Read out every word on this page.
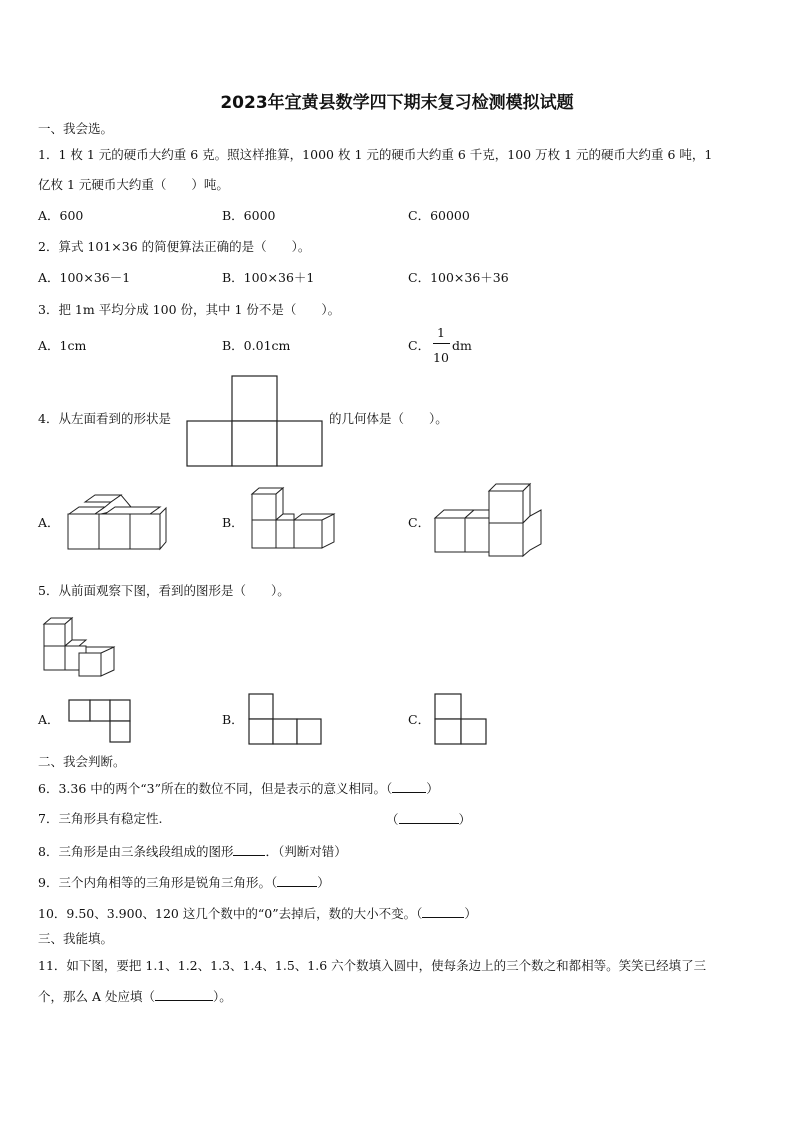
2023年宜黄县数学四下期末复习检测模拟试题
一、我会选。
1．1 枚 1 元的硬币大约重 6 克。照这样推算，1000 枚 1 元的硬币大约重 6 千克，100 万枚 1 元的硬币大约重 6 吨，1
亿枚 1 元硬币大约重（　　）吨。
A．600	B．6000	C．60000
2．算式 101×36 的简便算法正确的是（　　）。
A．100×36－1	B．100×36＋1	C．100×36＋36
3．把 1m 平均分成 100 份，其中 1 份不是（　　）。
A．1cm	B．0.01cm	C．
1
10
dm
4．从左面看到的形状是	的几何体是（　　）。
A．	B．	C．
5．从前面观察下图，看到的图形是（　　）。
A．	B．	C．
二、我会判断。
6．3.36 中的两个“3”所在的数位不同，但是表示的意义相同。（	）
7．三角形具有稳定性.	（	）
8．三角形是由三条线段组成的图形	．（判断对错）
9．三个内角相等的三角形是锐角三角形。（	）
10．9.50、3.900、120 这几个数中的“0”去掉后，数的大小不变。（	）
三、我能填。
11．如下图，要把 1.1、1.2、1.3、1.4、1.5、1.6 六个数填入圆中，使每条边上的三个数之和都相等。笑笑已经填了三
个，那么 A 处应填（	）。
